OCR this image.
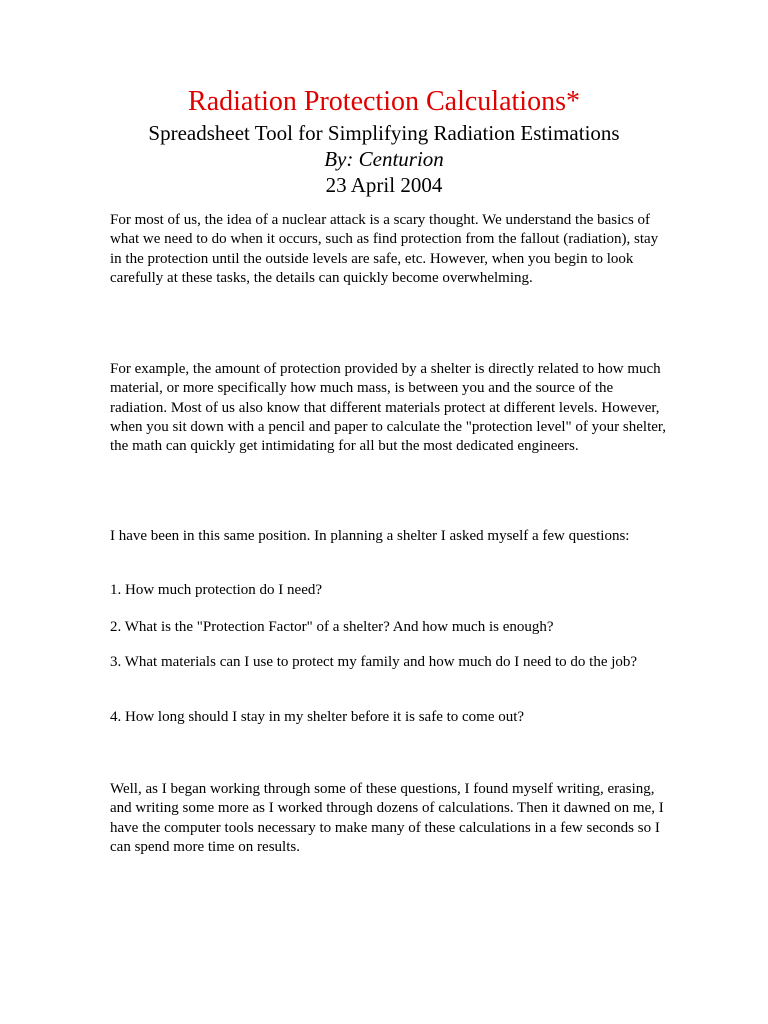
Radiation Protection Calculations*
Spreadsheet Tool for Simplifying Radiation Estimations
By: Centurion
23 April 2004

For most of us, the idea of a nuclear attack is a scary thought. We understand the basics of what we need to do when it occurs, such as find protection from the fallout (radiation), stay in the protection until the outside levels are safe, etc. However, when you begin to look carefully at these tasks, the details can quickly become overwhelming.

For example, the amount of protection provided by a shelter is directly related to how much material, or more specifically how much mass, is between you and the source of the radiation. Most of us also know that different materials protect at different levels. However, when you sit down with a pencil and paper to calculate the "protection level" of your shelter, the math can quickly get intimidating for all but the most dedicated engineers.

I have been in this same position. In planning a shelter I asked myself a few questions:

1. How much protection do I need?

2. What is the "Protection Factor" of a shelter? And how much is enough?

3. What materials can I use to protect my family and how much do I need to do the job?

4. How long should I stay in my shelter before it is safe to come out?

Well, as I began working through some of these questions, I found myself writing, erasing, and writing some more as I worked through dozens of calculations. Then it dawned on me, I have the computer tools necessary to make many of these calculations in a few seconds so I can spend more time on results.
